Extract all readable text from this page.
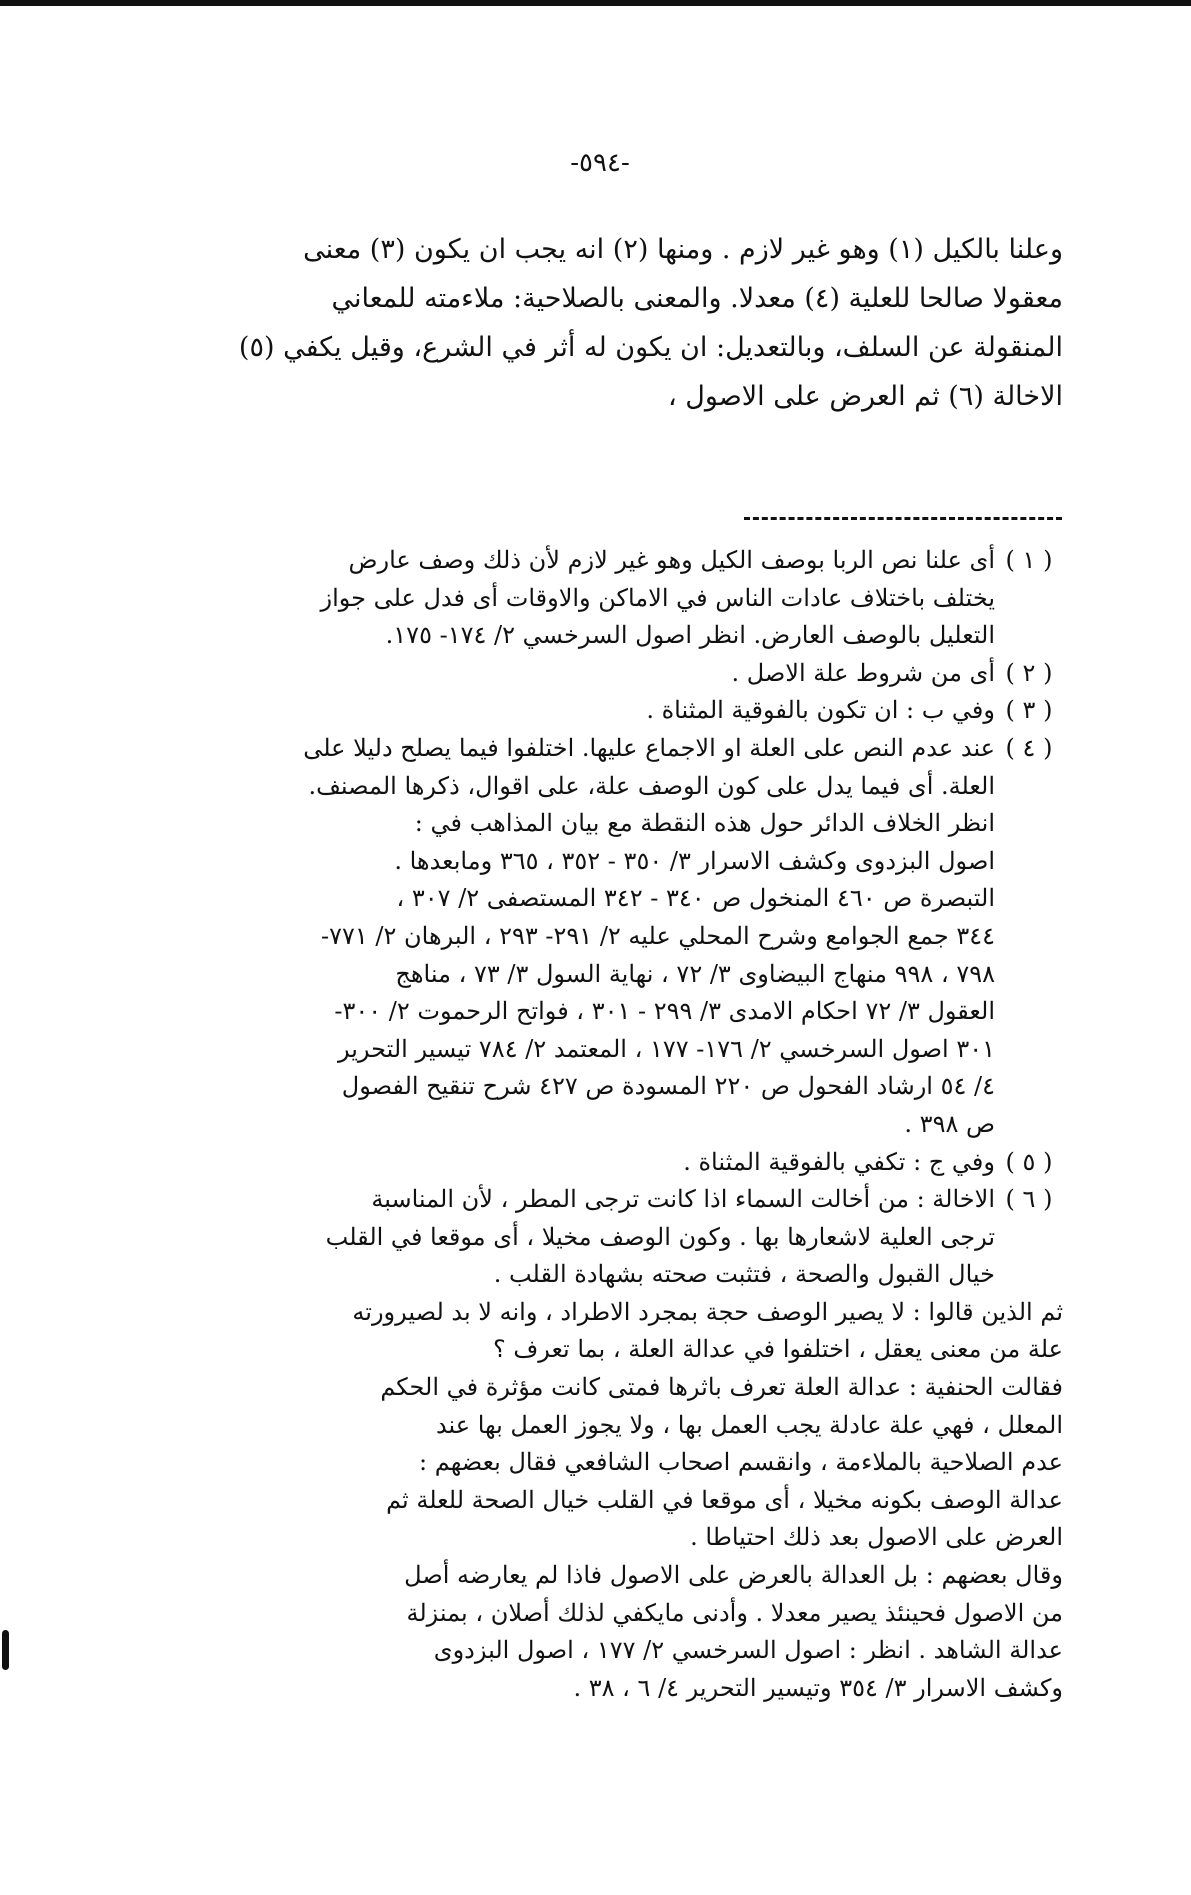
-٥٩٤-

وعلنا بالكيل (١) وهو غير لازم . ومنها (٢) انه يجب ان يكون (٣) معنى

معقولا صالحا للعلية (٤) معدلا. والمعنى بالصلاحية: ملاءمته للمعاني

المنقولة عن السلف، وبالتعديل: ان يكون له أثر في الشرع، وقيل يكفي (٥)

الاخالة (٦) ثم العرض على الاصول ،

( ١ )

أى علنا نص الربا بوصف الكيل وهو غير لازم لأن ذلك وصف عارض

يختلف باختلاف عادات الناس في الاماكن والاوقات أى فدل على جواز

التعليل بالوصف العارض. انظر اصول السرخسي ٢/ ١٧٤- ١٧٥.

( ٢ )

أى من شروط علة الاصل .

( ٣ )

وفي ب : ان تكون بالفوقية المثناة .

( ٤ )

عند عدم النص على العلة او الاجماع عليها. اختلفوا فيما يصلح دليلا على

العلة. أى فيما يدل على كون الوصف علة، على اقوال، ذكرها المصنف.

انظر الخلاف الدائر حول هذه النقطة مع بيان المذاهب في :

اصول البزدوى وكشف الاسرار ٣/ ٣٥٠ - ٣٥٢ ، ٣٦٥ ومابعدها .

التبصرة ص ٤٦٠ المنخول ص ٣٤٠ - ٣٤٢ المستصفى ٢/ ٣٠٧ ،

٣٤٤ جمع الجوامع وشرح المحلي عليه ٢/ ٢٩١- ٢٩٣ ، البرهان ٢/ ٧٧١-

٧٩٨ ، ٩٩٨ منهاج البيضاوى ٣/ ٧٢ ، نهاية السول ٣/ ٧٣ ، مناهج

العقول ٣/ ٧٢ احكام الامدى ٣/ ٢٩٩ - ٣٠١ ، فواتح الرحموت ٢/ ٣٠٠-

٣٠١ اصول السرخسي ٢/ ١٧٦- ١٧٧ ، المعتمد ٢/ ٧٨٤ تيسير التحرير

٤/ ٥٤ ارشاد الفحول ص ٢٢٠ المسودة ص ٤٢٧ شرح تنقيح الفصول

ص ٣٩٨ .

( ٥ )

وفي ج : تكفي بالفوقية المثناة .

( ٦ )

الاخالة : من أخالت السماء اذا كانت ترجى المطر ، لأن المناسبة

ترجى العلية لاشعارها بها . وكون الوصف مخيلا ، أى موقعا في القلب

خيال القبول والصحة ، فتثبت صحته بشهادة القلب .

ثم الذين قالوا : لا يصير الوصف حجة بمجرد الاطراد ، وانه لا بد لصيرورته

علة من معنى يعقل ، اختلفوا في عدالة العلة ، بما تعرف ؟

فقالت الحنفية : عدالة العلة تعرف باثرها فمتى كانت مؤثرة في الحكم

المعلل ، فهي علة عادلة يجب العمل بها ، ولا يجوز العمل بها عند

عدم الصلاحية بالملاءمة ، وانقسم اصحاب الشافعي فقال بعضهم :

عدالة الوصف بكونه مخيلا ، أى موقعا في القلب خيال الصحة للعلة ثم

العرض على الاصول بعد ذلك احتياطا .

وقال بعضهم : بل العدالة بالعرض على الاصول فاذا لم يعارضه أصل

من الاصول فحينئذ يصير معدلا . وأدنى مايكفي لذلك أصلان ، بمنزلة

عدالة الشاهد . انظر : اصول السرخسي ٢/ ١٧٧ ، اصول البزدوى

وكشف الاسرار ٣/ ٣٥٤ وتيسير التحرير ٤/ ٦ ، ٣٨ .
